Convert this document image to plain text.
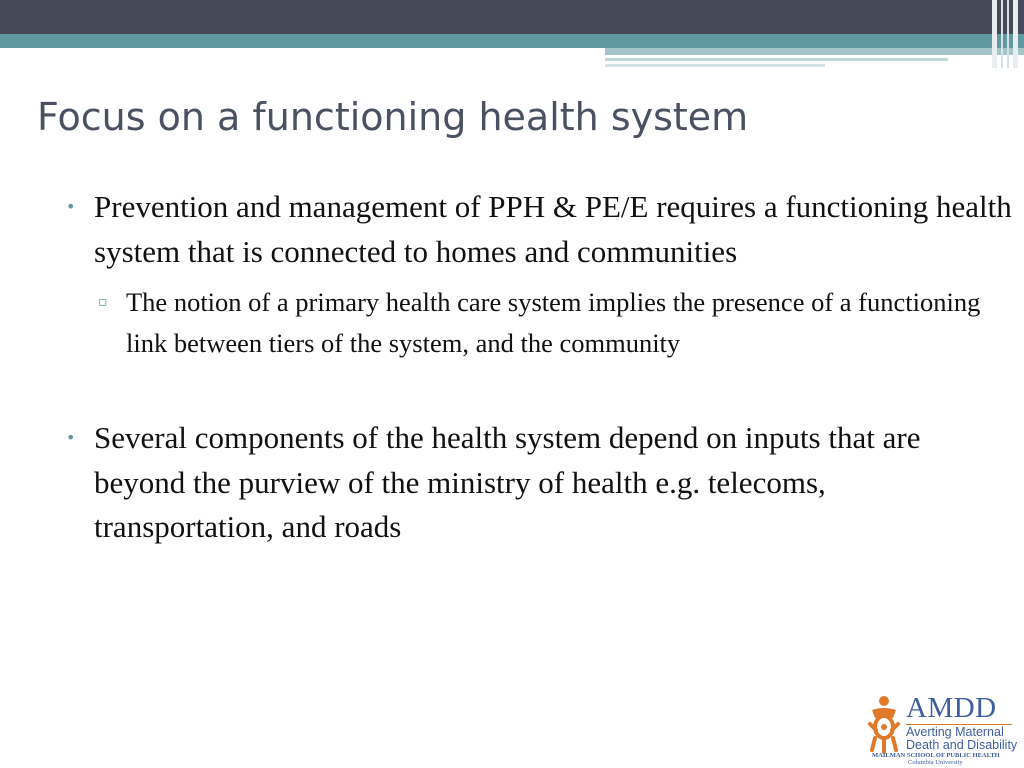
Focus on a functioning health system
• Prevention and management of PPH & PE/E requires a functioning health system that is connected to homes and communities
▫ The notion of a primary health care system implies the presence of a functioning link between tiers of the system, and the community
• Several components of the health system depend on inputs that are beyond the purview of the ministry of health e.g. telecoms, transportation, and roads
AMDD
Averting Maternal
Death and Disability
MAILMAN SCHOOL OF PUBLIC HEALTH
Columbia University
